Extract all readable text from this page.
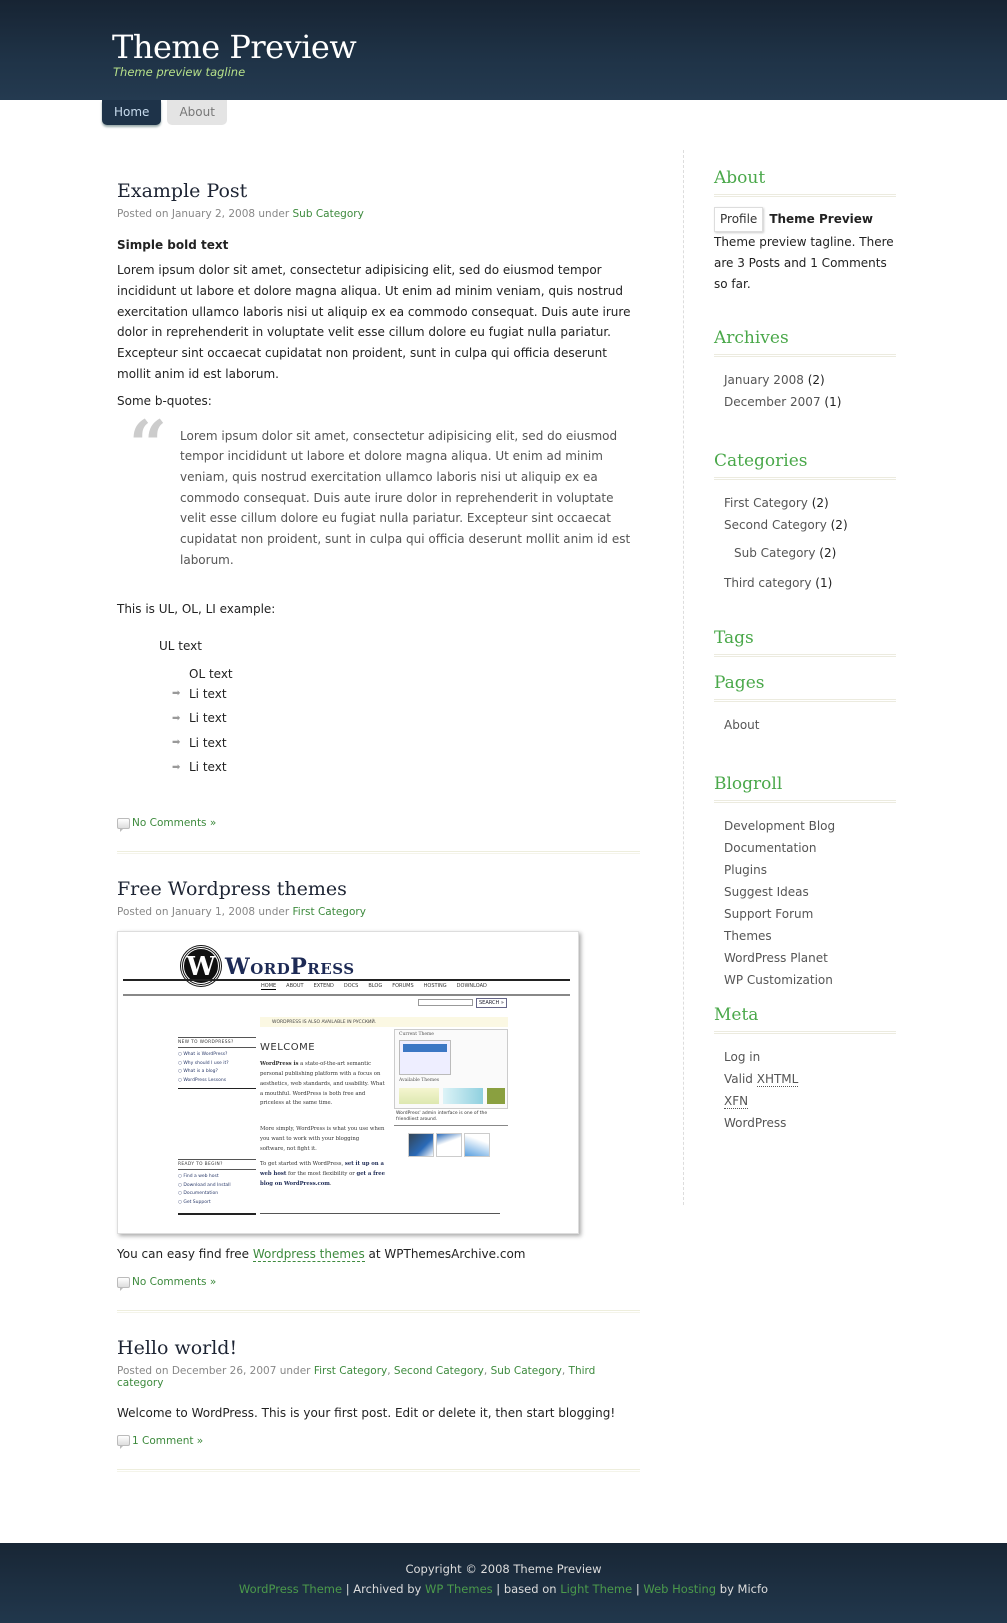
Theme Preview
Theme preview tagline
Home	About
Example Post
Posted on January 2, 2008 under Sub Category
Simple bold text

Lorem ipsum dolor sit amet, consectetur adipisicing elit, sed do eiusmod tempor incididunt ut labore et dolore magna aliqua. Ut enim ad minim veniam, quis nostrud exercitation ullamco laboris nisi ut aliquip ex ea commodo consequat. Duis aute irure dolor in reprehenderit in voluptate velit esse cillum dolore eu fugiat nulla pariatur. Excepteur sint occaecat cupidatat non proident, sunt in culpa qui officia deserunt mollit anim id est laborum.

Some b-quotes:

“ Lorem ipsum dolor sit amet, consectetur adipisicing elit, sed do eiusmod tempor incididunt ut labore et dolore magna aliqua. Ut enim ad minim veniam, quis nostrud exercitation ullamco laboris nisi ut aliquip ex ea commodo consequat. Duis aute irure dolor in reprehenderit in voluptate velit esse cillum dolore eu fugiat nulla pariatur. Excepteur sint occaecat cupidatat non proident, sunt in culpa qui officia deserunt mollit anim id est laborum.

This is UL, OL, LI example:

UL text
OL text
➡ Li text
➡ Li text
➡ Li text
➡ Li text
No Comments »
Free Wordpress themes
Posted on January 1, 2008 under First Category
W WordPress
HOME ABOUT EXTEND DOCS BLOG FORUMS HOSTING DOWNLOAD
SEARCH »
WORDPRESS IS ALSO AVAILABLE IN РУССКИЙ.
WELCOME
WordPress is a state-of-the-art semantic personal publishing platform with a focus on aesthetics, web standards, and usability. What a mouthful. WordPress is both free and priceless at the same time.
More simply, WordPress is what you use when you want to work with your blogging software, not fight it.
To get started with WordPress, set it up on a web host for the most flexibility or get a free blog on WordPress.com.
NEW TO WORDPRESS?
○ What is WordPress?
○ Why should I use it?
○ What is a blog?
○ WordPress Lessons
READY TO BEGIN?
○ Find a web host
○ Download and Install
○ Documentation
○ Get Support
Current Theme
Available Themes
WordPress' admin interface is one of the friendliest around.

You can easy find free Wordpress themes at WPThemesArchive.com

No Comments »
Hello world!
Posted on December 26, 2007 under First Category, Second Category, Sub Category, Third category

Welcome to WordPress. This is your first post. Edit or delete it, then start blogging!

1 Comment »
About
Profile Theme Preview
Theme preview tagline. There are 3 Posts and 1 Comments so far.
Archives
January 2008 (2)
December 2007 (1)
Categories
First Category (2)
Second Category (2)
Sub Category (2)
Third category (1)
Tags
Pages
About
Blogroll
Development Blog
Documentation
Plugins
Suggest Ideas
Support Forum
Themes
WordPress Planet
WP Customization
Meta
Log in
Valid XHTML
XFN
WordPress
Copyright © 2008 Theme Preview
WordPress Theme | Archived by WP Themes | based on Light Theme | Web Hosting by Micfo
